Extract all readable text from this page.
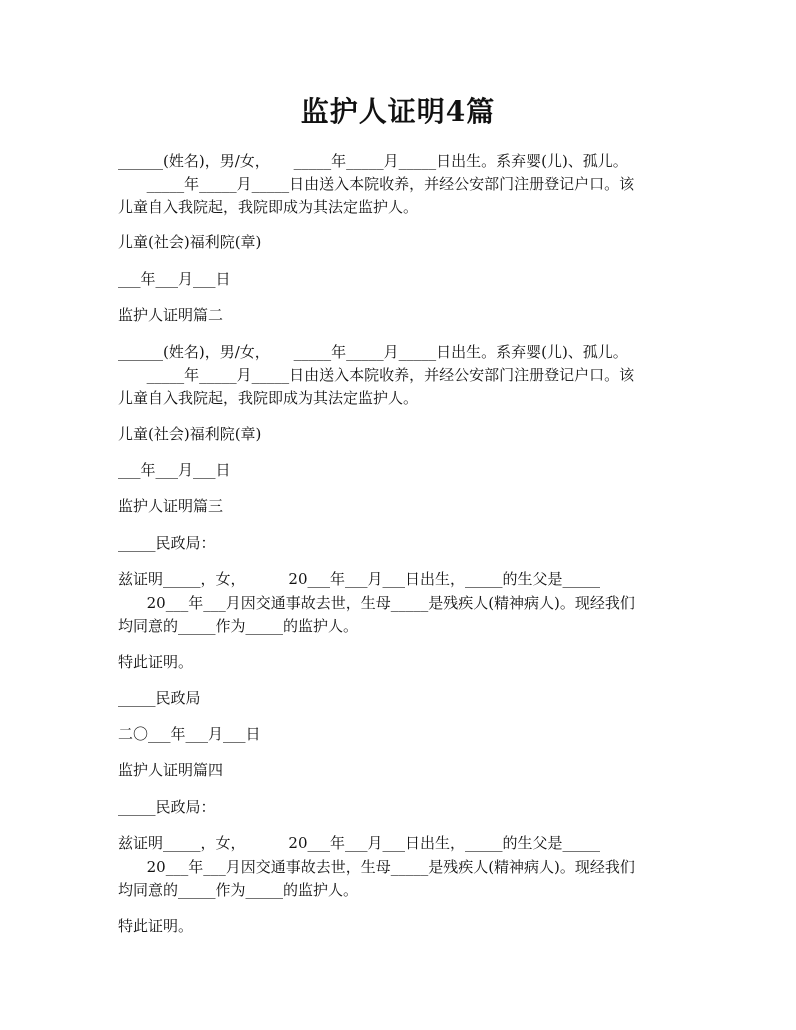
监护人证明4篇
______(姓名)，男/女，     _____年_____月_____日出生。系弃婴(儿)、孤儿。
_____年_____月_____日由送入本院收养，并经公安部门注册登记户口。该
儿童自入我院起，我院即成为其法定监护人。
儿童(社会)福利院(章)
___年___月___日
监护人证明篇二
______(姓名)，男/女，     _____年_____月_____日出生。系弃婴(儿)、孤儿。
_____年_____月_____日由送入本院收养，并经公安部门注册登记户口。该
儿童自入我院起，我院即成为其法定监护人。
儿童(社会)福利院(章)
___年___月___日
监护人证明篇三
_____民政局：
兹证明_____，女，         20___年___月___日出生，_____的生父是_____
20___年___月因交通事故去世，生母_____是残疾人(精神病人)。现经我们
均同意的_____作为_____的监护人。
特此证明。
_____民政局
二〇___年___月___日
监护人证明篇四
_____民政局：
兹证明_____，女，         20___年___月___日出生，_____的生父是_____
20___年___月因交通事故去世，生母_____是残疾人(精神病人)。现经我们
均同意的_____作为_____的监护人。
特此证明。
